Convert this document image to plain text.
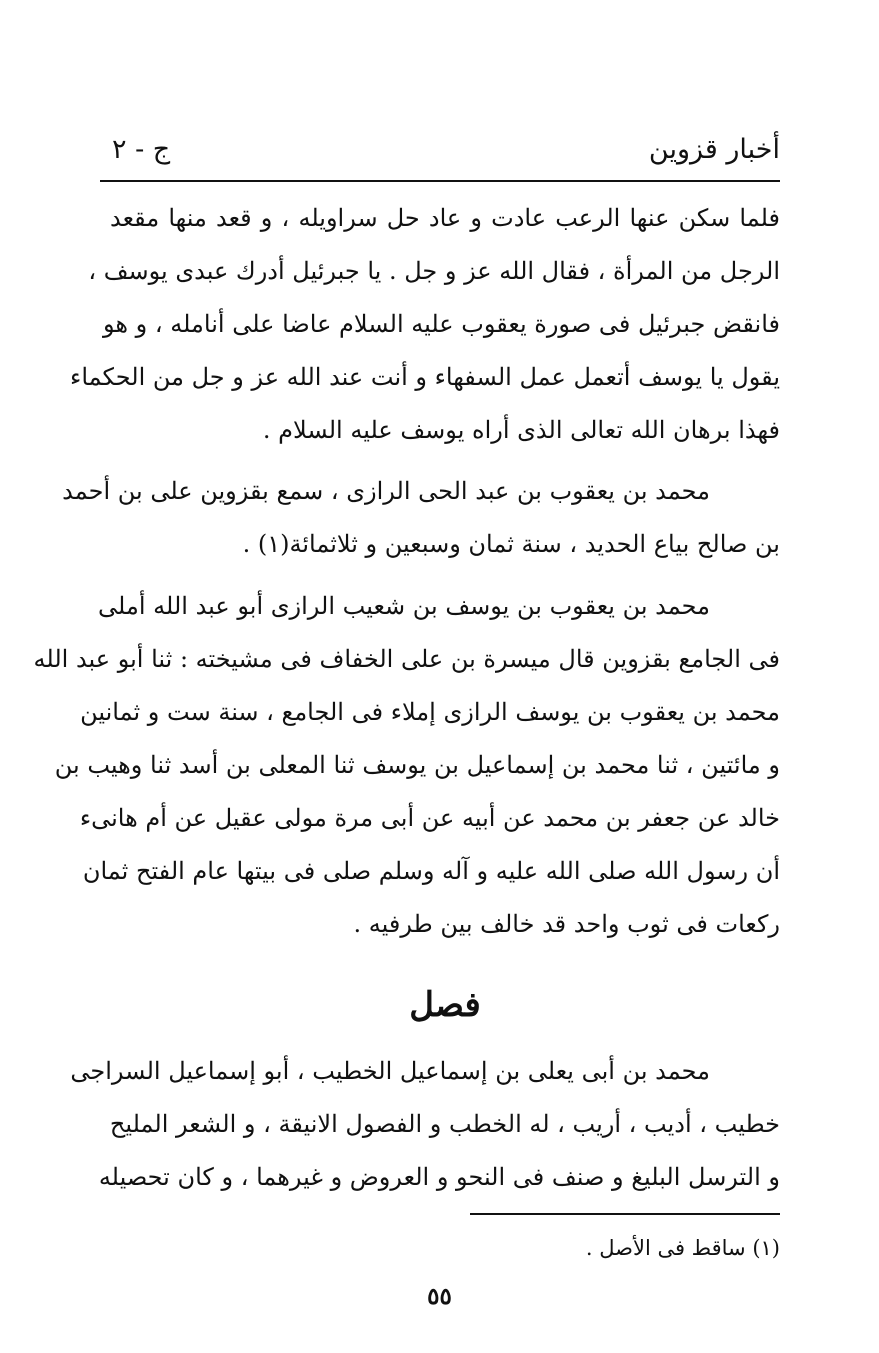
أخبار قزوين
ج - ٢
فلما سكن عنها الرعب عادت و عاد حل سراويله ، و قعد منها مقعد
الرجل من المرأة ، فقال الله عز و جل . يا جبرئيل أدرك عبدى يوسف ،
فانقض جبرئيل فى صورة يعقوب عليه السلام عاضا على أنامله ، و هو
يقول يا يوسف أتعمل عمل السفهاء و أنت عند الله عز و جل من الحكماء
فهذا برهان الله تعالى الذى أراه يوسف عليه السلام .
محمد بن يعقوب بن عبد الحى الرازى ، سمع بقزوين على بن أحمد
بن صالح بياع الحديد ، سنة ثمان وسبعين و ثلاثمائة(١) .
محمد بن يعقوب بن يوسف بن شعيب الرازى أبو عبد الله أملى
فى الجامع بقزوين قال ميسرة بن على الخفاف فى مشيخته : ثنا أبو عبد الله
محمد بن يعقوب بن يوسف الرازى إملاء فى الجامع ، سنة ست و ثمانين
و مائتين ، ثنا محمد بن إسماعيل بن يوسف ثنا المعلى بن أسد ثنا وهيب بن
خالد عن جعفر بن محمد عن أبيه عن أبى مرة مولى عقيل عن أم هانىء
أن رسول الله صلى الله عليه و آله وسلم صلى فى بيتها عام الفتح ثمان
ركعات فى ثوب واحد قد خالف بين طرفيه .
فصل
محمد بن أبى يعلى بن إسماعيل الخطيب ، أبو إسماعيل السراجى
خطيب ، أديب ، أريب ، له الخطب و الفصول الانيقة ، و الشعر المليح
و الترسل البليغ و صنف فى النحو و العروض و غيرهما ، و كان تحصيله
(١) ساقط فى الأصل .
٥٥
